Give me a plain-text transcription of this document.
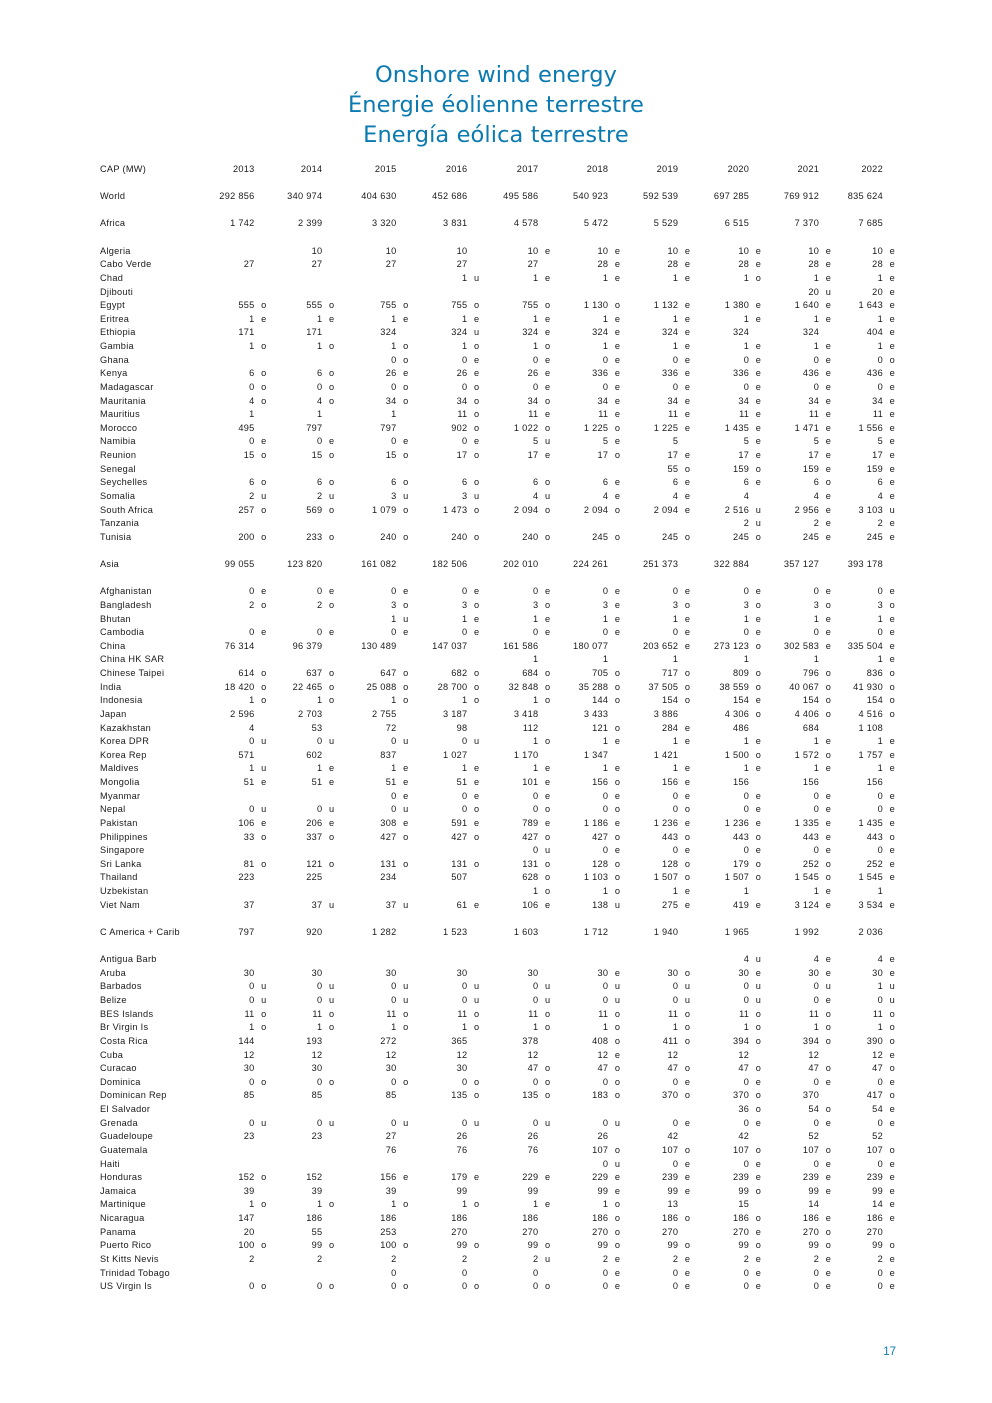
Onshore wind energy
Énergie éolienne terrestre
Energía eólica terrestre
CAP (MW)	2013	2014	2015	2016	2017	2018	2019	2020	2021	2022

World	292 856	340 974	404 630	452 686	495 586	540 923	592 539	697 285	769 912	835 624

Africa	1 742	2 399	3 320	3 831	4 578	5 472	5 529	6 515	7 370	7 685

Algeria		10	10	10	10 e	10 e	10 e	10 e	10 e	10 e
Cabo Verde	27	27	27	27	27	28 e	28 e	28 e	28 e	28 e
Chad				1 u	1 e	1 e	1 e	1 o	1 e	1 e
Djibouti									20 u	20 e
Egypt	555 o	555 o	755 o	755 o	755 o	1 130 o	1 132 e	1 380 e	1 640 e	1 643 e
Eritrea	1 e	1 e	1 e	1 e	1 e	1 e	1 e	1 e	1 e	1 e
Ethiopia	171	171	324	324 u	324 e	324 e	324 e	324	324	404 e
Gambia	1 o	1 o	1 o	1 o	1 o	1 e	1 e	1 e	1 e	1 e
Ghana			0 o	0 e	0 e	0 e	0 e	0 e	0 e	0 o
Kenya	6 o	6 o	26 e	26 e	26 e	336 e	336 e	336 e	436 e	436 e
Madagascar	0 o	0 o	0 o	0 o	0 e	0 e	0 e	0 e	0 e	0 e
Mauritania	4 o	4 o	34 o	34 o	34 o	34 e	34 e	34 e	34 e	34 e
Mauritius	1	1	1	11 o	11 e	11 e	11 e	11 e	11 e	11 e
Morocco	495	797	797	902 o	1 022 o	1 225 o	1 225 e	1 435 e	1 471 e	1 556 e
Namibia	0 e	0 e	0 e	0 e	5 u	5 e	5	5 e	5 e	5 e
Reunion	15 o	15 o	15 o	17 o	17 e	17 o	17 e	17 e	17 e	17 e
Senegal							55 o	159 o	159 e	159 e
Seychelles	6 o	6 o	6 o	6 o	6 o	6 e	6 e	6 e	6 o	6 e
Somalia	2 u	2 u	3 u	3 u	4 u	4 e	4 e	4	4 e	4 e
South Africa	257 o	569 o	1 079 o	1 473 o	2 094 o	2 094 o	2 094 e	2 516 u	2 956 e	3 103 u
Tanzania								2 u	2 e	2 e
Tunisia	200 o	233 o	240 o	240 o	240 o	245 o	245 o	245 o	245 e	245 e

Asia	99 055	123 820	161 082	182 506	202 010	224 261	251 373	322 884	357 127	393 178

Afghanistan	0 e	0 e	0 e	0 e	0 e	0 e	0 e	0 e	0 e	0 e
Bangladesh	2 o	2 o	3 o	3 o	3 o	3 e	3 o	3 o	3 o	3 o
Bhutan			1 u	1 e	1 e	1 e	1 e	1 e	1 e	1 e
Cambodia	0 e	0 e	0 e	0 e	0 e	0 e	0 e	0 e	0 e	0 e
China	76 314	96 379	130 489	147 037	161 586	180 077	203 652 e	273 123 o	302 583 e	335 504 e
China HK SAR					1	1	1	1	1	1 e
Chinese Taipei	614 o	637 o	647 o	682 o	684 o	705 o	717 o	809 o	796 o	836 o
India	18 420 o	22 465 o	25 088 o	28 700 o	32 848 o	35 288 o	37 505 o	38 559 o	40 067 o	41 930 o
Indonesia	1 o	1 o	1 o	1 o	1 o	144 o	154 o	154 e	154 o	154 o
Japan	2 596	2 703	2 755	3 187	3 418	3 433	3 886	4 306 o	4 406 o	4 516 o
Kazakhstan	4	53	72	98	112	121 o	284 e	486	684	1 108
Korea DPR	0 u	0 u	0 u	0 u	1 o	1 e	1 e	1 e	1 e	1 e
Korea Rep	571	602	837	1 027	1 170	1 347	1 421	1 500 o	1 572 o	1 757 e
Maldives	1 u	1 e	1 e	1 e	1 e	1 e	1 e	1 e	1 e	1 e
Mongolia	51 e	51 e	51 e	51 e	101 e	156 o	156 e	156	156	156
Myanmar			0 e	0 e	0 e	0 e	0 e	0 e	0 e	0 e
Nepal	0 u	0 u	0 u	0 o	0 o	0 o	0 o	0 e	0 e	0 e
Pakistan	106 e	206 e	308 e	591 e	789 e	1 186 e	1 236 e	1 236 e	1 335 e	1 435 e
Philippines	33 o	337 o	427 o	427 o	427 o	427 o	443 o	443 o	443 e	443 o
Singapore					0 u	0 e	0 e	0 e	0 e	0 e
Sri Lanka	81 o	121 o	131 o	131 o	131 o	128 o	128 o	179 o	252 o	252 e
Thailand	223	225	234	507	628 o	1 103 o	1 507 o	1 507 o	1 545 o	1 545 e
Uzbekistan					1 o	1 o	1 e	1	1 e	1
Viet Nam	37	37 u	37 u	61 e	106 e	138 u	275 e	419 e	3 124 e	3 534 e

C America + Carib	797	920	1 282	1 523	1 603	1 712	1 940	1 965	1 992	2 036

Antigua Barb								4 u	4 e	4 e
Aruba	30	30	30	30	30	30 e	30 o	30 e	30 e	30 e
Barbados	0 u	0 u	0 u	0 u	0 u	0 u	0 u	0 u	0 u	1 u
Belize	0 u	0 u	0 u	0 u	0 u	0 u	0 u	0 u	0 e	0 u
BES Islands	11 o	11 o	11 o	11 o	11 o	11 o	11 o	11 o	11 o	11 o
Br Virgin Is	1 o	1 o	1 o	1 o	1 o	1 o	1 o	1 o	1 o	1 o
Costa Rica	144	193	272	365	378	408 o	411 o	394 o	394 o	390 o
Cuba	12	12	12	12	12	12 e	12	12	12	12 e
Curacao	30	30	30	30	47 o	47 o	47 o	47 o	47 o	47 o
Dominica	0 o	0 o	0 o	0 o	0 o	0 o	0 e	0 e	0 e	0 e
Dominican Rep	85	85	85	135 o	135 o	183 o	370 o	370 o	370	417 o
El Salvador								36 o	54 o	54 e
Grenada	0 u	0 u	0 u	0 u	0 u	0 u	0 e	0 e	0 e	0 e
Guadeloupe	23	23	27	26	26	26	42	42	52	52
Guatemala			76	76	76	107 o	107 o	107 o	107 o	107 o
Haiti						0 u	0 e	0 e	0 e	0 e
Honduras	152 o	152	156 e	179 e	229 e	229 e	239 e	239 e	239 e	239 e
Jamaica	39	39	39	99	99	99 e	99 e	99 o	99 e	99 e
Martinique	1 o	1 o	1 o	1 o	1 e	1 o	13	15	14	14 e
Nicaragua	147	186	186	186	186	186 o	186 o	186 o	186 e	186 e
Panama	20	55	253	270	270	270 o	270	270 e	270 o	270
Puerto Rico	100 o	99 o	100 o	99 o	99 o	99 o	99 o	99 o	99 o	99 o
St Kitts Nevis	2	2	2	2	2 u	2 e	2 e	2 e	2 e	2 e
Trinidad Tobago			0	0	0	0 e	0 e	0 e	0 e	0 e
US Virgin Is	0 o	0 o	0 o	0 o	0 o	0 e	0 e	0 e	0 e	0 e
17
